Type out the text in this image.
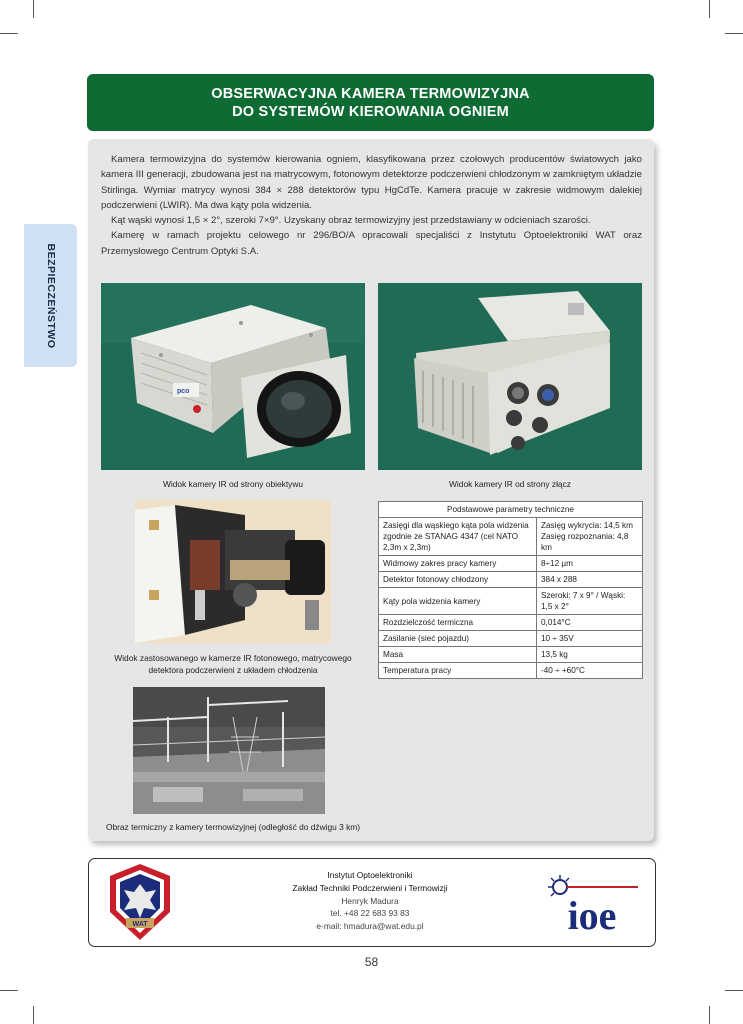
BEZPIECZEŃSTWO
OBSERWACYJNA KAMERA TERMOWIZYJNA
DO SYSTEMÓW KIEROWANIA OGNIEM

Kamera termowizyjna do systemów kierowania ogniem, klasyfikowana przez czołowych producentów światowych jako kamera III generacji, zbudowana jest na matrycowym, fotonowym detektorze podczerwieni chłodzonym w zamkniętym układzie Stirlinga. Wymiar matrycy wynosi 384 × 288 detektorów typu HgCdTe. Kamera pracuje w zakresie widmowym dalekiej podczerwieni (LWIR). Ma dwa kąty pola widzenia.

Kąt wąski wynosi 1,5 × 2°, szeroki 7×9°. Uzyskany obraz termowizyjny jest przedstawiany w odcieniach szarości.

Kamerę w ramach projektu celowego nr 296/BO/A opracowali specjaliści z Instytutu Optoelektroniki WAT oraz Przemysłowego Centrum Optyki S.A.

pco
Widok kamery IR od strony obiektywu	Widok kamery IR od strony złącz
Widok zastosowanego w kamerze IR fotonowego, matrycowego detektora podczerwieni z układem chłodzenia
Obraz termiczny z kamery termowizyjnej (odległość do dźwigu 3 km)
Podstawowe parametry techniczne	
Zasięgi dla wąskiego kąta pola widzenia zgodnie ze STANAG 4347 (cel NATO 2,3m x 2,3m)	Zasięg wykrycia: 14,5 km
Zasięg rozpoznania: 4,8 km
Widmowy zakres pracy kamery	8÷12 µm
Detektor fotonowy chłodzony	384 x 288
Kąty pola widzenia kamery	Szeroki: 7 x 9° / Wąski: 1,5 x 2°
Rozdzielczość termiczna	0,014°C
Zasilanie (sieć pojazdu)	10 ÷ 35V
Masa	13,5 kg
Temperatura pracy	-40 ÷ +60°C
WAT
Instytut Optoelektroniki
Zakład Techniki Podczerwieni i Termowizji
Henryk Madura
tel. +48 22 683 93 83
e-mail: hmadura@wat.edu.pl	ioe
58
